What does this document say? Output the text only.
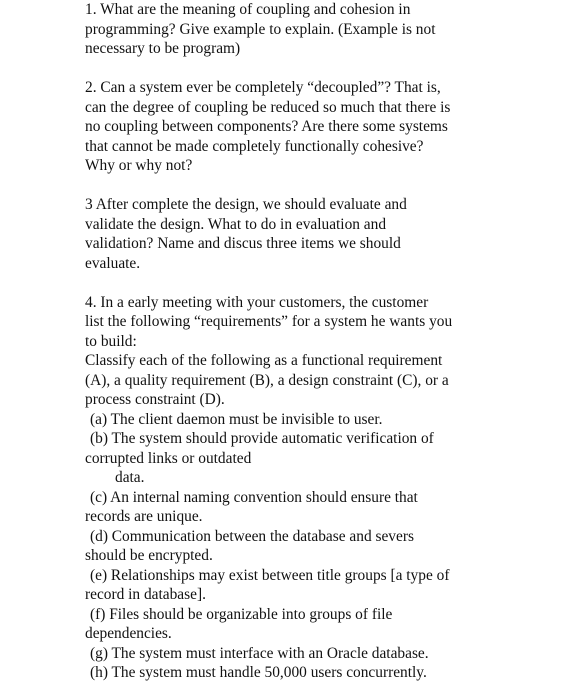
1. What are the meaning of coupling and cohesion in
programming? Give example to explain. (Example is not
necessary to be program)
2. Can a system ever be completely “decoupled”? That is,
can the degree of coupling be reduced so much that there is
no coupling between components? Are there some systems
that cannot be made completely functionally cohesive?
Why or why not?
3 After complete the design, we should evaluate and
validate the design. What to do in evaluation and
validation? Name and discus three items we should
evaluate.
4. In a early meeting with your customers, the customer
list the following “requirements” for a system he wants you
to build:
Classify each of the following as a functional requirement
(A), a quality requirement (B), a design constraint (C), or a
process constraint (D).
(a) The client daemon must be invisible to user.
(b) The system should provide automatic verification of
corrupted links or outdated
data.
(c) An internal naming convention should ensure that
records are unique.
(d) Communication between the database and severs
should be encrypted.
(e) Relationships may exist between title groups [a type of
record in database].
(f) Files should be organizable into groups of file
dependencies.
(g) The system must interface with an Oracle database.
(h) The system must handle 50,000 users concurrently.
